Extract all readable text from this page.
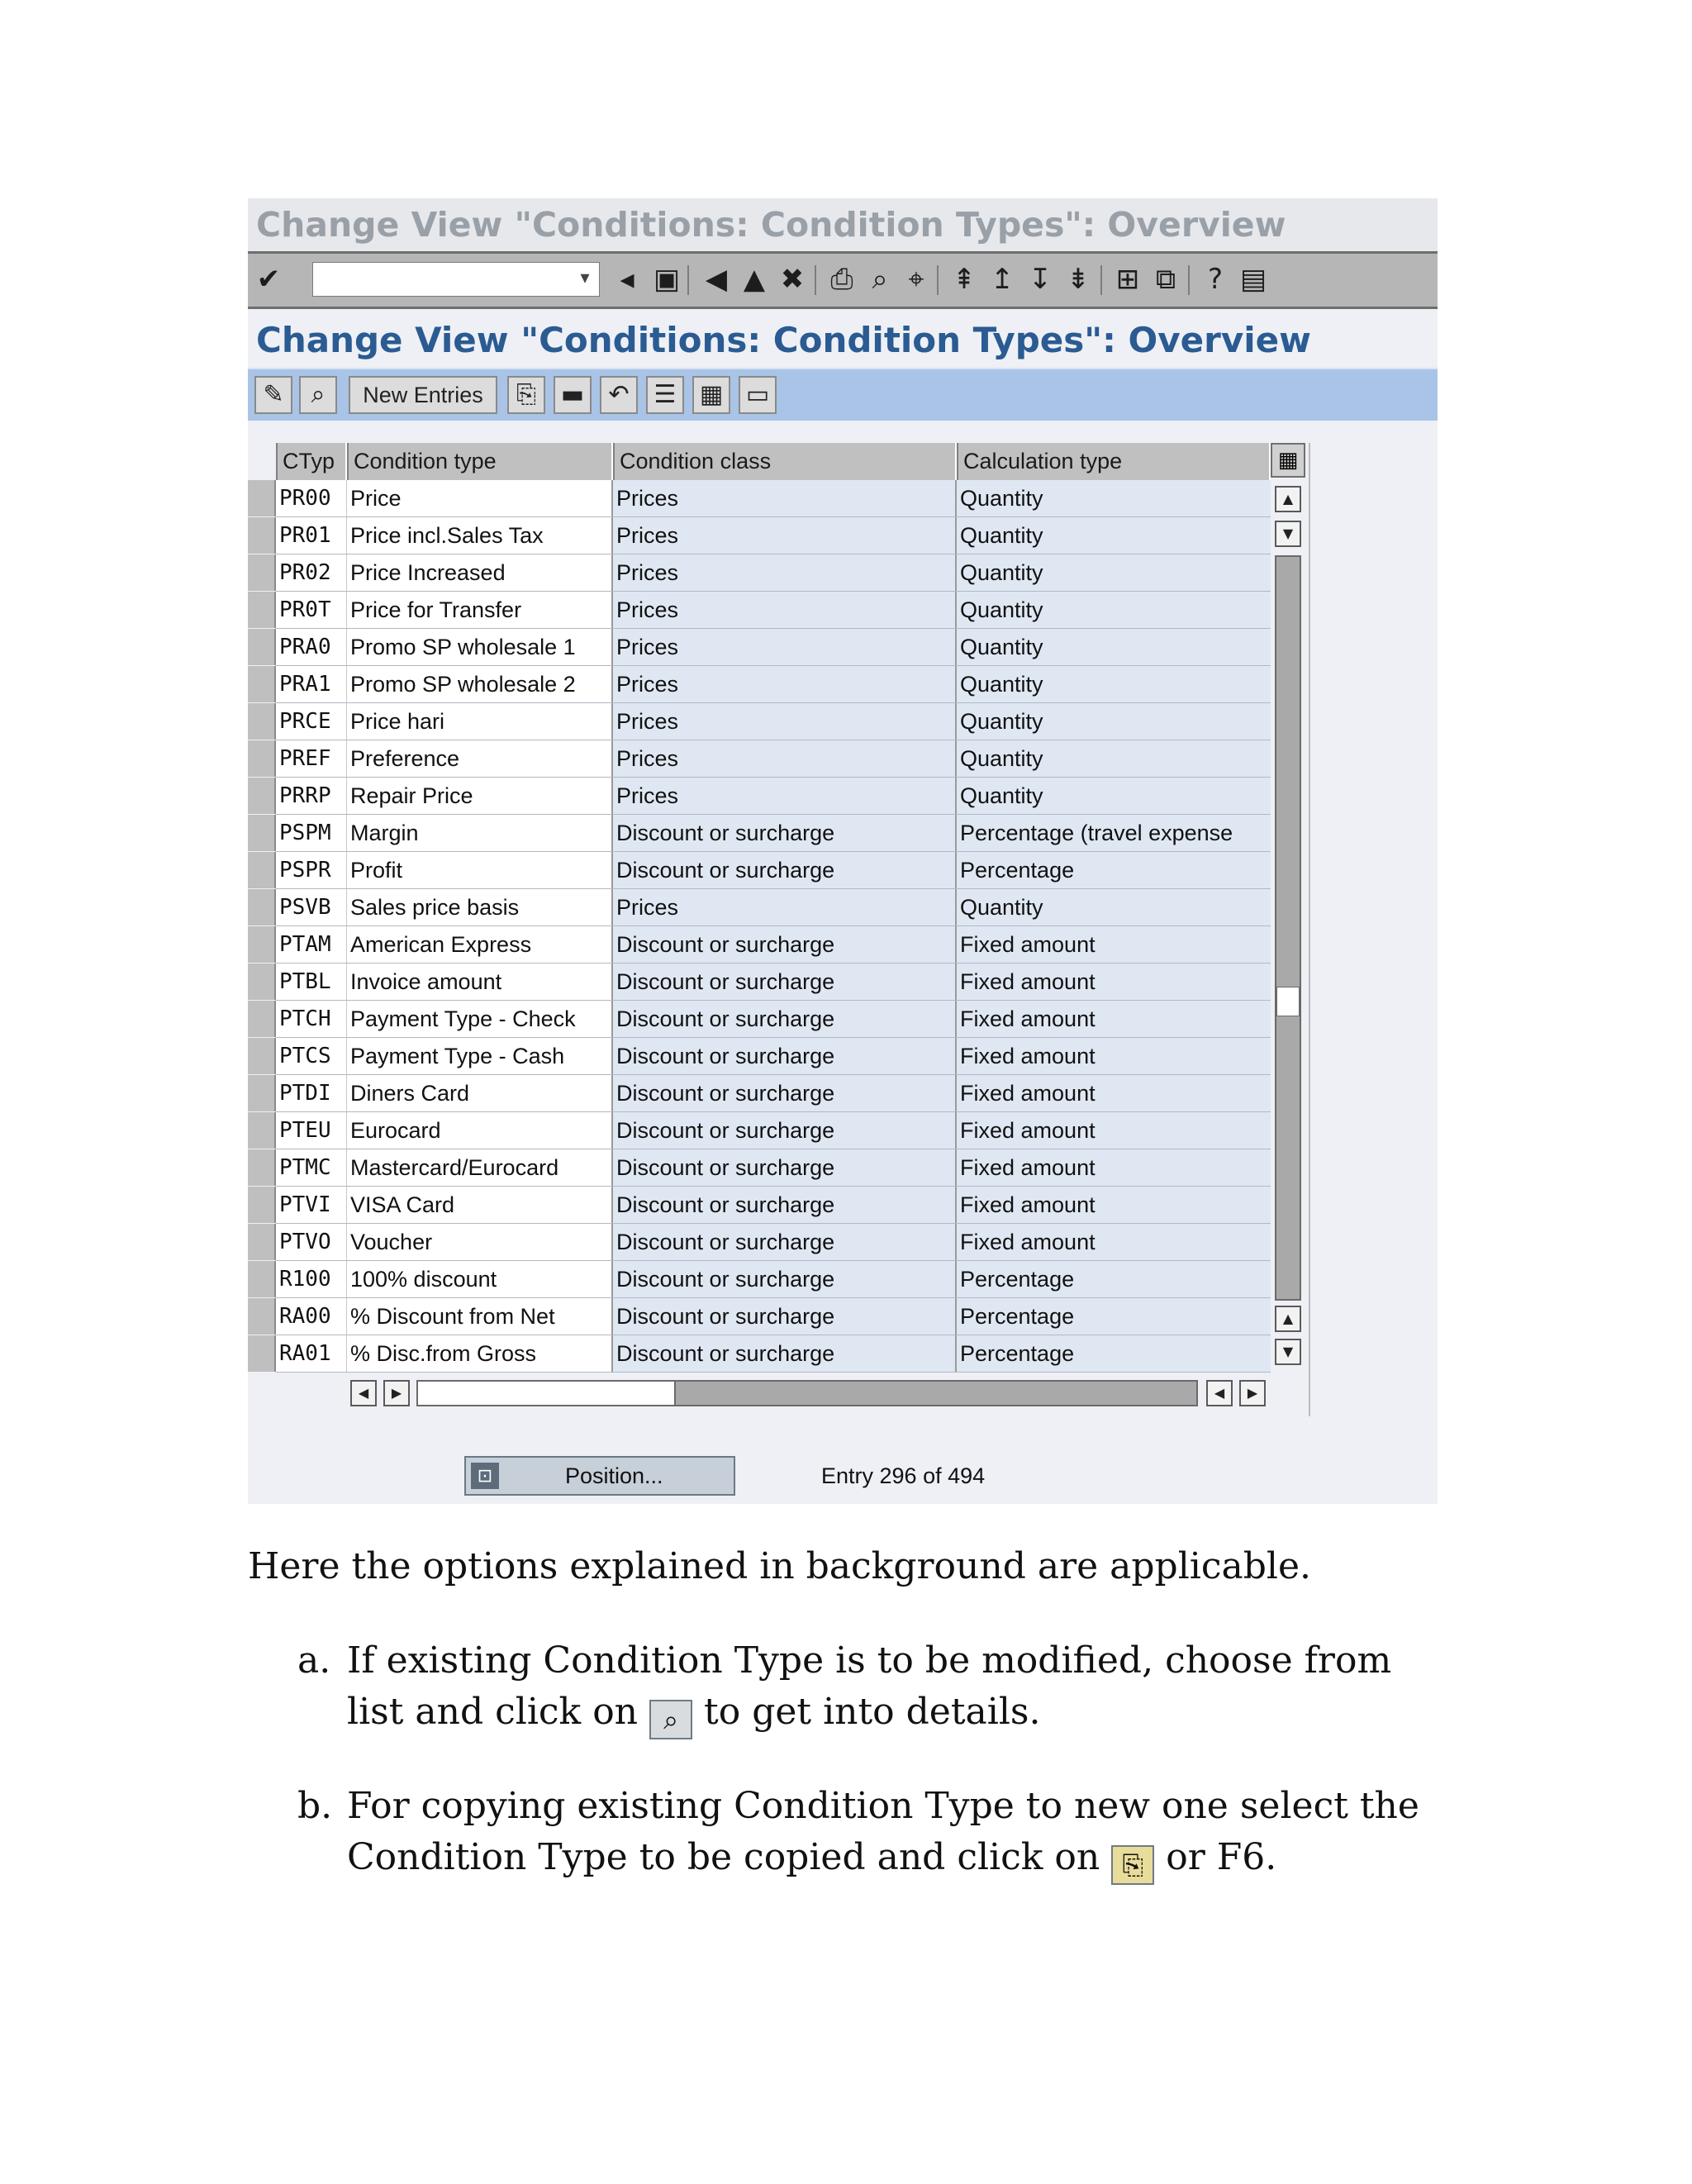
Change View "Conditions: Condition Types": Overview
✔	▾	◂ ▣ ◀ ▲ ✖ ⎙ ⌕ ⌖ ⇞ ↥ ↧ ⇟ ⊞ ⧉ ? ▤
Change View "Conditions: Condition Types": Overview
✎	⌕	New Entries	⎘ ▬ ↶ ☰ ▦ ▭
CTyp Condition type	Condition class	Calculation type	▦
PR00 Price	Prices	Quantity
PR01 Price incl.Sales Tax	Prices	Quantity
PR02 Price Increased	Prices	Quantity
PR0T Price for Transfer	Prices	Quantity
PRA0 Promo SP wholesale 1	Prices	Quantity
PRA1 Promo SP wholesale 2	Prices	Quantity
PRCE Price hari	Prices	Quantity
PREF Preference	Prices	Quantity
PRRP Repair Price	Prices	Quantity
PSPM Margin	Discount or surcharge	Percentage (travel expense
PSPR Profit	Discount or surcharge	Percentage
PSVB Sales price basis	Prices	Quantity
PTAM American Express	Discount or surcharge	Fixed amount
PTBL Invoice amount	Discount or surcharge	Fixed amount
PTCH Payment Type - Check	Discount or surcharge	Fixed amount
PTCS Payment Type - Cash	Discount or surcharge	Fixed amount
PTDI Diners Card	Discount or surcharge	Fixed amount
PTEU Eurocard	Discount or surcharge	Fixed amount
PTMC Mastercard/Eurocard	Discount or surcharge	Fixed amount
PTVI VISA Card	Discount or surcharge	Fixed amount
PTVO Voucher	Discount or surcharge	Fixed amount
R100 100% discount	Discount or surcharge	Percentage
RA00 % Discount from Net	Discount or surcharge	Percentage
RA01 % Disc.from Gross	Discount or surcharge	Percentage
▲
▼
▲
▼
◀	▶	◀	▶
⊡	Position...	Entry 296 of 494
Here the options explained in background are applicable.
a. If existing Condition Type is to be modified, choose from
list and click on ⌕ to get into details.
b. For copying existing Condition Type to new one select the
Condition Type to be copied and click on ⎘ or F6.
